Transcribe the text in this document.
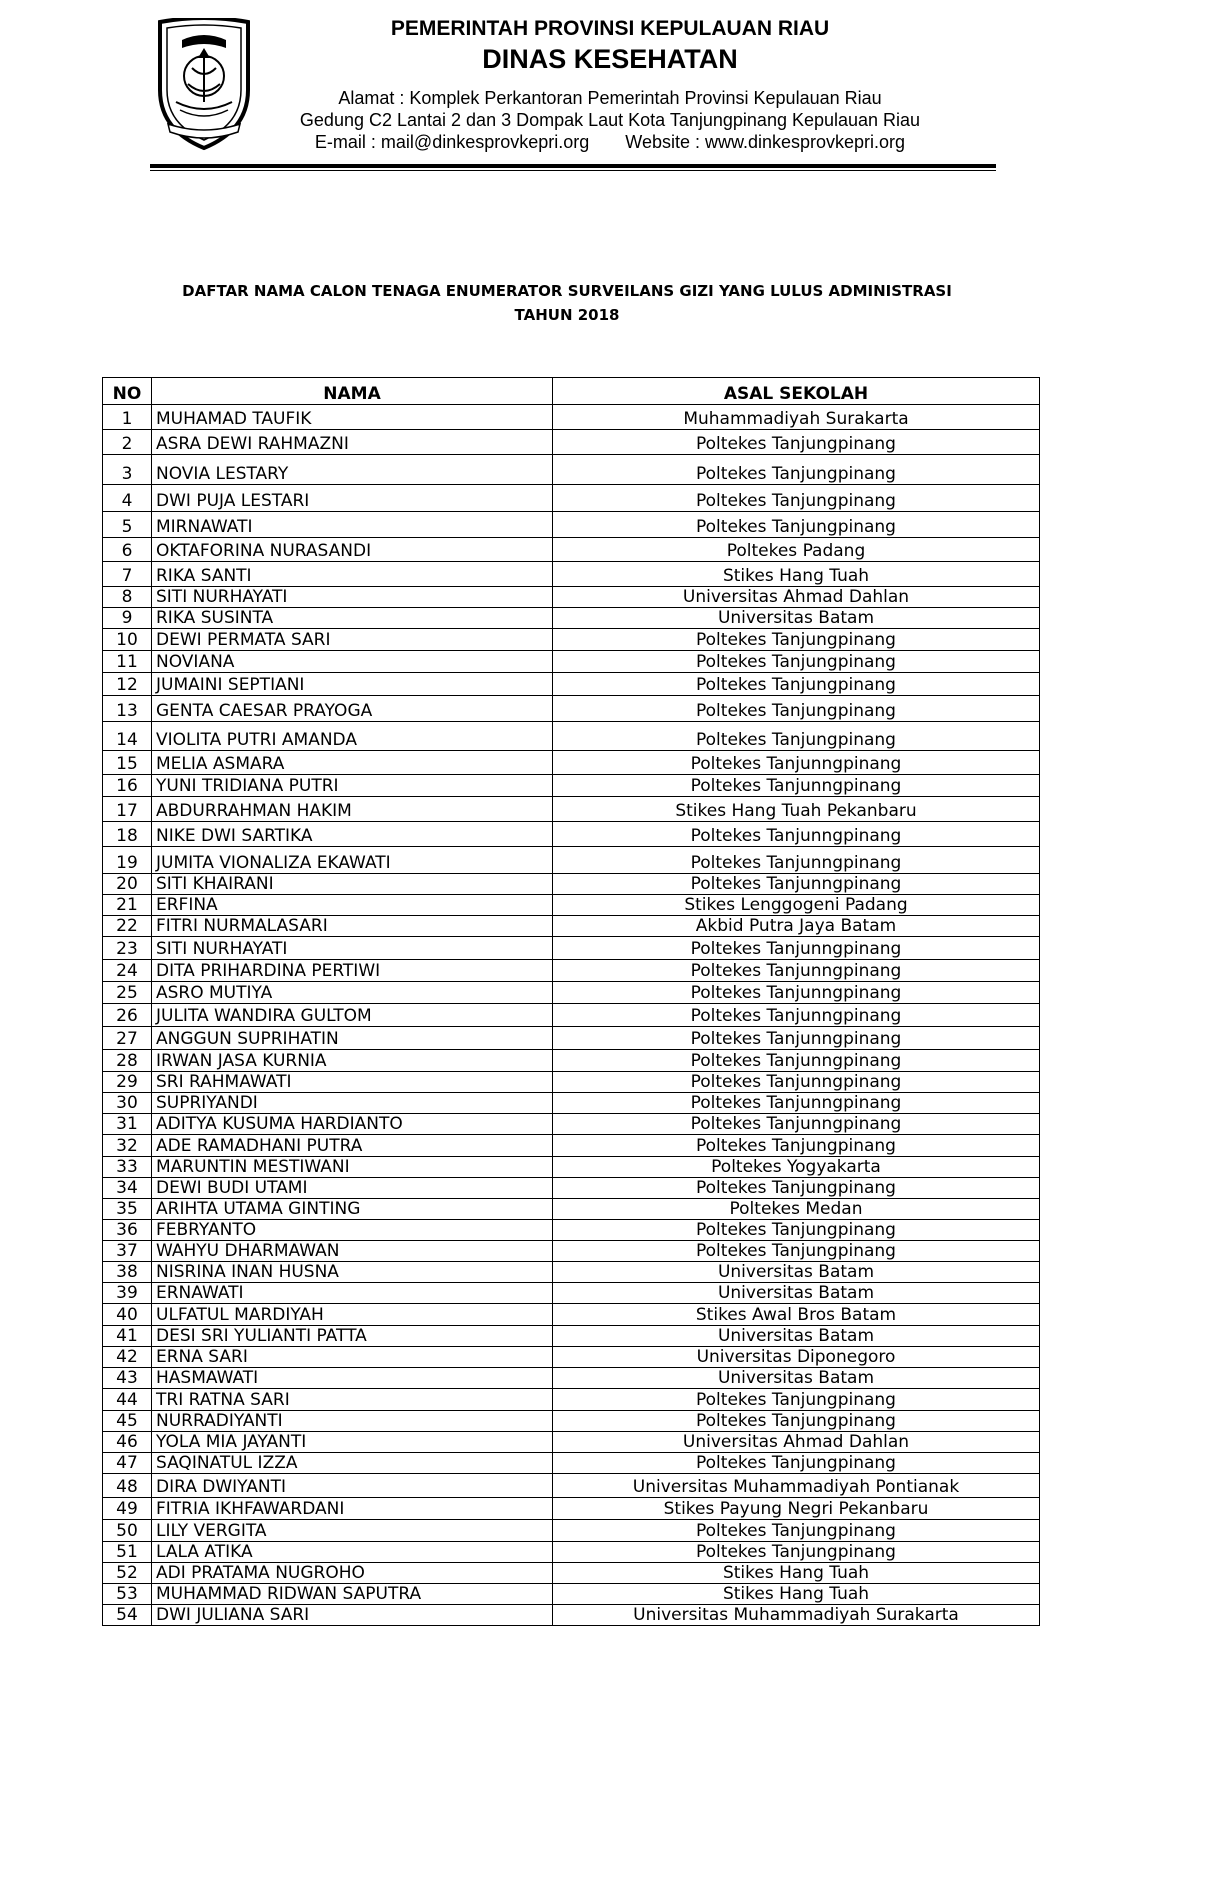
PEMERINTAH PROVINSI KEPULAUAN RIAU
DINAS KESEHATAN
Alamat : Komplek Perkantoran Pemerintah Provinsi Kepulauan Riau
Gedung C2 Lantai 2 dan 3 Dompak Laut Kota Tanjungpinang Kepulauan Riau
E-mail : mail@dinkesprovkepri.org Website : www.dinkesprovkepri.org
DAFTAR NAMA CALON TENAGA ENUMERATOR SURVEILANS GIZI YANG LULUS ADMINISTRASI
TAHUN 2018
NO	NAMA	ASAL SEKOLAH
1	MUHAMAD TAUFIK	Muhammadiyah Surakarta
2	ASRA DEWI RAHMAZNI	Poltekes Tanjungpinang
3	NOVIA LESTARY	Poltekes Tanjungpinang
4	DWI PUJA LESTARI	Poltekes Tanjungpinang
5	MIRNAWATI	Poltekes Tanjungpinang
6	OKTAFORINA NURASANDI	Poltekes Padang
7	RIKA SANTI	Stikes Hang Tuah
8	SITI NURHAYATI	Universitas Ahmad Dahlan
9	RIKA SUSINTA	Universitas Batam
10	DEWI PERMATA SARI	Poltekes Tanjungpinang
11	NOVIANA	Poltekes Tanjungpinang
12	JUMAINI SEPTIANI	Poltekes Tanjungpinang
13	GENTA CAESAR PRAYOGA	Poltekes Tanjungpinang
14	VIOLITA PUTRI AMANDA	Poltekes Tanjungpinang
15	MELIA ASMARA	Poltekes Tanjunngpinang
16	YUNI TRIDIANA PUTRI	Poltekes Tanjunngpinang
17	ABDURRAHMAN HAKIM	Stikes Hang Tuah Pekanbaru
18	NIKE DWI SARTIKA	Poltekes Tanjunngpinang
19	JUMITA VIONALIZA EKAWATI	Poltekes Tanjunngpinang
20	SITI KHAIRANI	Poltekes Tanjunngpinang
21	ERFINA	Stikes Lenggogeni Padang
22	FITRI NURMALASARI	Akbid Putra Jaya Batam
23	SITI NURHAYATI	Poltekes Tanjunngpinang
24	DITA PRIHARDINA PERTIWI	Poltekes Tanjunngpinang
25	ASRO MUTIYA	Poltekes Tanjunngpinang
26	JULITA WANDIRA GULTOM	Poltekes Tanjunngpinang
27	ANGGUN SUPRIHATIN	Poltekes Tanjunngpinang
28	IRWAN JASA KURNIA	Poltekes Tanjunngpinang
29	SRI RAHMAWATI	Poltekes Tanjunngpinang
30	SUPRIYANDI	Poltekes Tanjunngpinang
31	ADITYA KUSUMA HARDIANTO	Poltekes Tanjunngpinang
32	ADE RAMADHANI PUTRA	Poltekes Tanjungpinang
33	MARUNTIN MESTIWANI	Poltekes Yogyakarta
34	DEWI BUDI UTAMI	Poltekes Tanjungpinang
35	ARIHTA UTAMA GINTING	Poltekes Medan
36	FEBRYANTO	Poltekes Tanjungpinang
37	WAHYU DHARMAWAN	Poltekes Tanjungpinang
38	NISRINA INAN HUSNA	Universitas Batam
39	ERNAWATI	Universitas Batam
40	ULFATUL MARDIYAH	Stikes Awal Bros Batam
41	DESI SRI YULIANTI PATTA	Universitas Batam
42	ERNA SARI	Universitas Diponegoro
43	HASMAWATI	Universitas Batam
44	TRI RATNA SARI	Poltekes Tanjungpinang
45	NURRADIYANTI	Poltekes Tanjungpinang
46	YOLA MIA JAYANTI	Universitas Ahmad Dahlan
47	SAQINATUL IZZA	Poltekes Tanjungpinang
48	DIRA DWIYANTI	Universitas Muhammadiyah Pontianak
49	FITRIA IKHFAWARDANI	Stikes Payung Negri Pekanbaru
50	LILY VERGITA	Poltekes Tanjungpinang
51	LALA ATIKA	Poltekes Tanjungpinang
52	ADI PRATAMA NUGROHO	Stikes Hang Tuah
53	MUHAMMAD RIDWAN SAPUTRA	Stikes Hang Tuah
54	DWI JULIANA SARI	Universitas Muhammadiyah Surakarta
